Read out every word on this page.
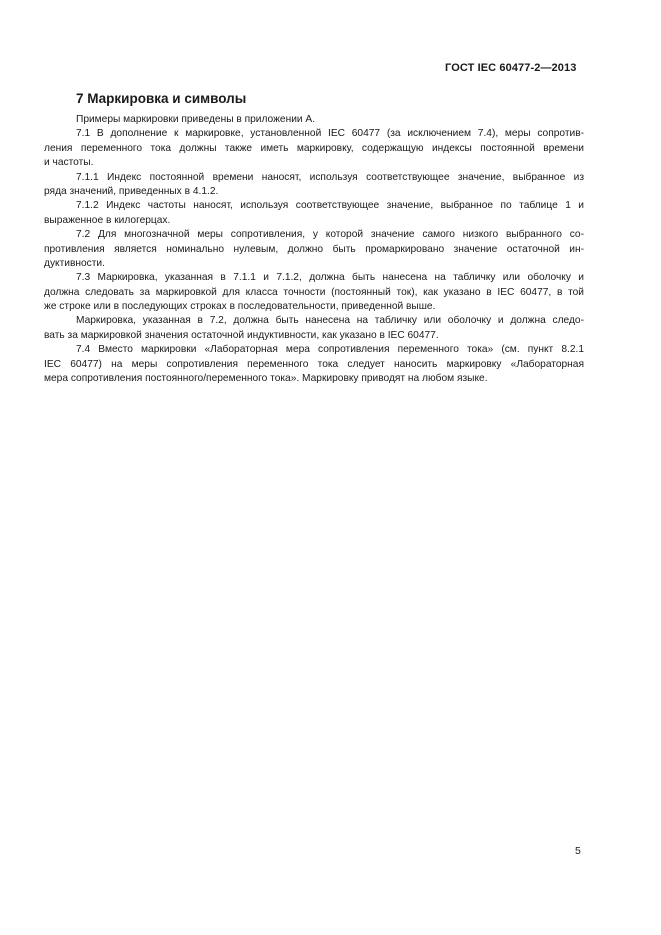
ГОСТ IEC 60477-2—2013
7 Маркировка и символы
Примеры маркировки приведены в приложении А.
7.1 В дополнение к маркировке, установленной IEC 60477 (за исключением 7.4), меры сопротив-
ления переменного тока должны также иметь маркировку, содержащую индексы постоянной времени
и частоты.
7.1.1 Индекс постоянной времени наносят, используя соответствующее значение, выбранное из
ряда значений, приведенных в 4.1.2.
7.1.2 Индекс частоты наносят, используя соответствующее значение, выбранное по таблице 1 и
выраженное в килогерцах.
7.2 Для многозначной меры сопротивления, у которой значение самого низкого выбранного со-
противления является номинально нулевым, должно быть промаркировано значение остаточной ин-
дуктивности.
7.3 Маркировка, указанная в 7.1.1 и 7.1.2, должна быть нанесена на табличку или оболочку и
должна следовать за маркировкой для класса точности (постоянный ток), как указано в IEC 60477, в той
же строке или в последующих строках в последовательности, приведенной выше.
Маркировка, указанная в 7.2, должна быть нанесена на табличку или оболочку и должна следо-
вать за маркировкой значения остаточной индуктивности, как указано в IEC 60477.
7.4 Вместо маркировки «Лабораторная мера сопротивления переменного тока» (см. пункт 8.2.1
IEC 60477) на меры сопротивления переменного тока следует наносить маркировку «Лабораторная
мера сопротивления постоянного/переменного тока». Маркировку приводят на любом языке.
5
